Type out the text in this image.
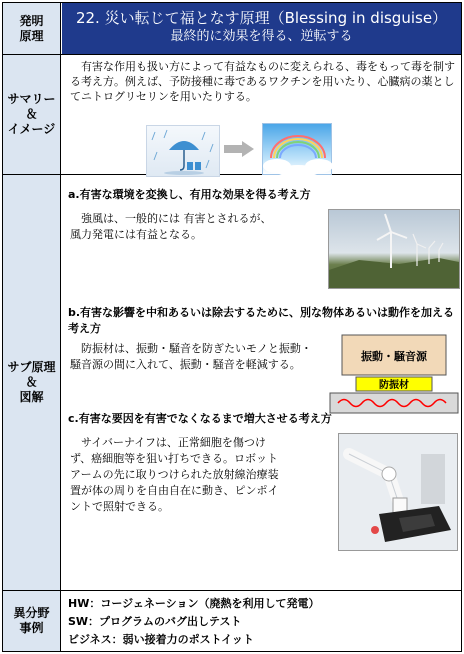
発明
原理
22. 災い転じて福となす原理（Blessing in disguise）
最終的に効果を得る、逆転する
サマリー
＆
イメージ
　有害な作用も扱い方によって有益なものに変えられる、毒をもって毒を制する考え方。例えば、予防接種に毒であるワクチンを用いたり、心臓病の薬としてニトログリセリンを用いたりする。
サブ原理
＆
図解
a.有害な環境を変換し、有用な効果を得る考え方
　強風は、一般的には 有害とされるが、
風力発電には有益となる。
b.有害な影響を中和あるいは除去するために、別な物体あるいは動作を加える考え方
　防振材は、振動・騒音を防ぎたいモノと振動・騒音源の間に入れて、振動・騒音を軽減する。
振動・騒音源
防振材
c.有害な要因を有害でなくなるまで増大させる考え方
　サイバーナイフは、正常細胞を傷つけず、癌細胞等を狙い打ちできる。ロボットアームの先に取りつけられた放射線治療装置が体の周りを自由自在に動き、ピンポイントで照射できる。
異分野
事例
HW：コージェネーション（廃熱を利用して発電）
SW：プログラムのバグ出しテスト
ビジネス：弱い接着力のポストイット
